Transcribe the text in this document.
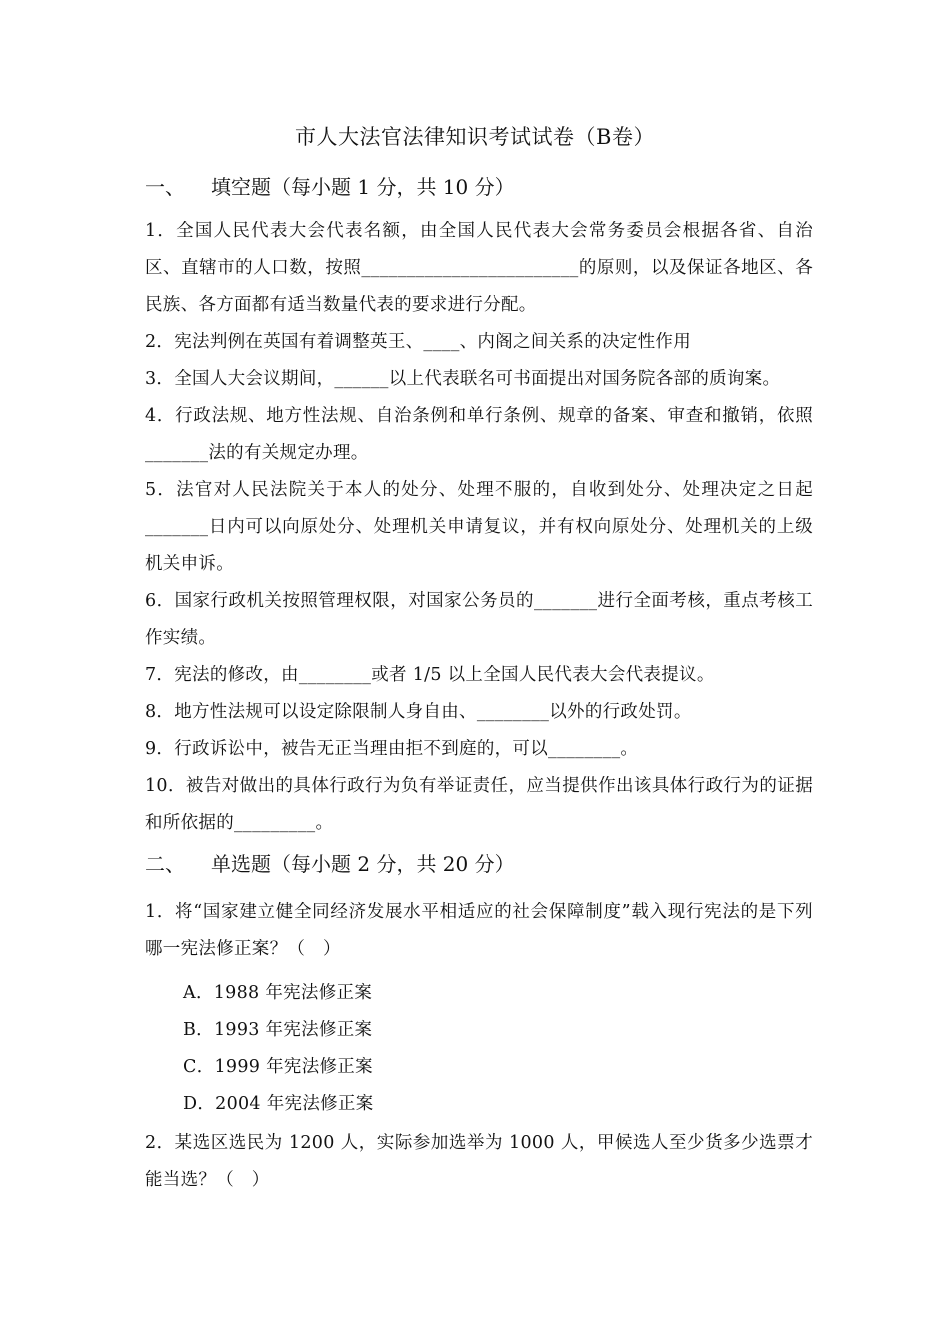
市人大法官法律知识考试试卷（B卷）
一、 填空题（每小题 1 分，共 10 分）
1．全国人民代表大会代表名额，由全国人民代表大会常务委员会根据各省、自治区、直辖市的人口数，按照________________________的原则，以及保证各地区、各民族、各方面都有适当数量代表的要求进行分配。
2．宪法判例在英国有着调整英王、____、内阁之间关系的决定性作用
3．全国人大会议期间，______以上代表联名可书面提出对国务院各部的质询案。
4．行政法规、地方性法规、自治条例和单行条例、规章的备案、审查和撤销，依照_______法的有关规定办理。
5．法官对人民法院关于本人的处分、处理不服的，自收到处分、处理决定之日起_______日内可以向原处分、处理机关申请复议，并有权向原处分、处理机关的上级机关申诉。
6．国家行政机关按照管理权限，对国家公务员的_______进行全面考核，重点考核工作实绩。
7．宪法的修改，由________或者 1/5 以上全国人民代表大会代表提议。
8．地方性法规可以设定除限制人身自由、________以外的行政处罚。
9．行政诉讼中，被告无正当理由拒不到庭的，可以________。
10．被告对做出的具体行政行为负有举证责任，应当提供作出该具体行政行为的证据和所依据的_________。
二、 单选题（每小题 2 分，共 20 分）
1．将“国家建立健全同经济发展水平相适应的社会保障制度”载入现行宪法的是下列哪一宪法修正案？（　）
A．1988 年宪法修正案
B．1993 年宪法修正案
C．1999 年宪法修正案
D．2004 年宪法修正案
2．某选区选民为 1200 人，实际参加选举为 1000 人，甲候选人至少货多少选票才能当选？（　）
